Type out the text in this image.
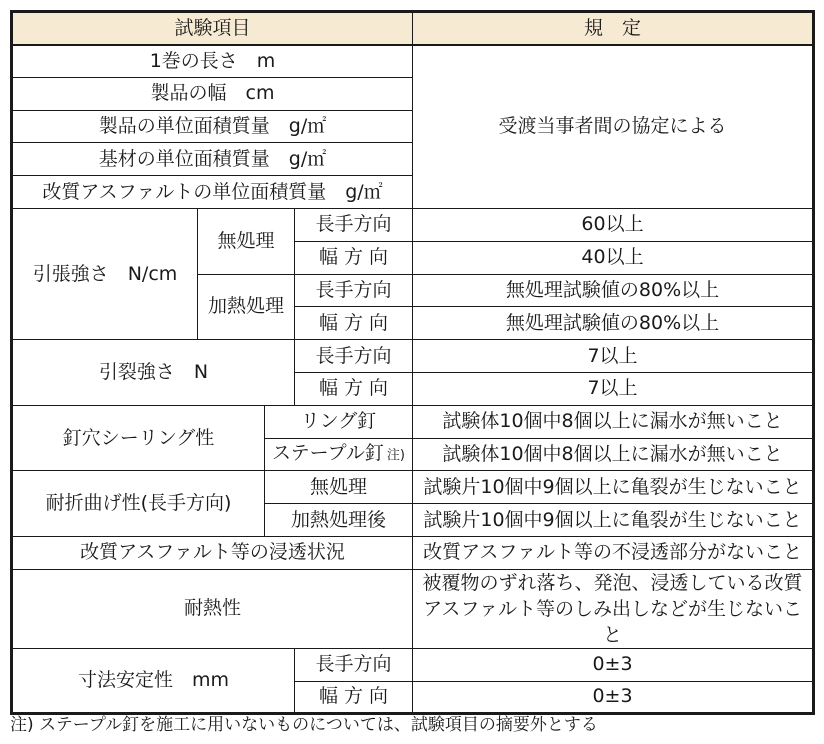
試験項目				規　定
1巻の長さ　m				受渡当事者間の協定による
製品の幅　cm				
製品の単位面積質量　g/㎡				
基材の単位面積質量　g/㎡				
改質アスファルトの単位面積質量　g/㎡				
引張強さ　N/cm	無処理		長手方向	60以上
			幅 方 向	40以上
	加熱処理		長手方向	無処理試験値の80%以上
			幅 方 向	無処理試験値の80%以上
引裂強さ　N			長手方向	7以上
			幅 方 向	7以上
釘穴シーリング性		リング釘		試験体10個中8個以上に漏水が無いこと
		ステープル釘 注)		試験体10個中8個以上に漏水が無いこと
耐折曲げ性(長手方向)		無処理		試験片10個中9個以上に亀裂が生じないこと
		加熱処理後		試験片10個中9個以上に亀裂が生じないこと
改質アスファルト等の浸透状況				改質アスファルト等の不浸透部分がないこと
耐熱性				被覆物のずれ落ち、発泡、浸透している改質
アスファルト等のしみ出しなどが生じないこと
寸法安定性　mm			長手方向	0±3
			幅 方 向	0±3
注) ステープル釘を施工に用いないものについては、試験項目の摘要外とする
